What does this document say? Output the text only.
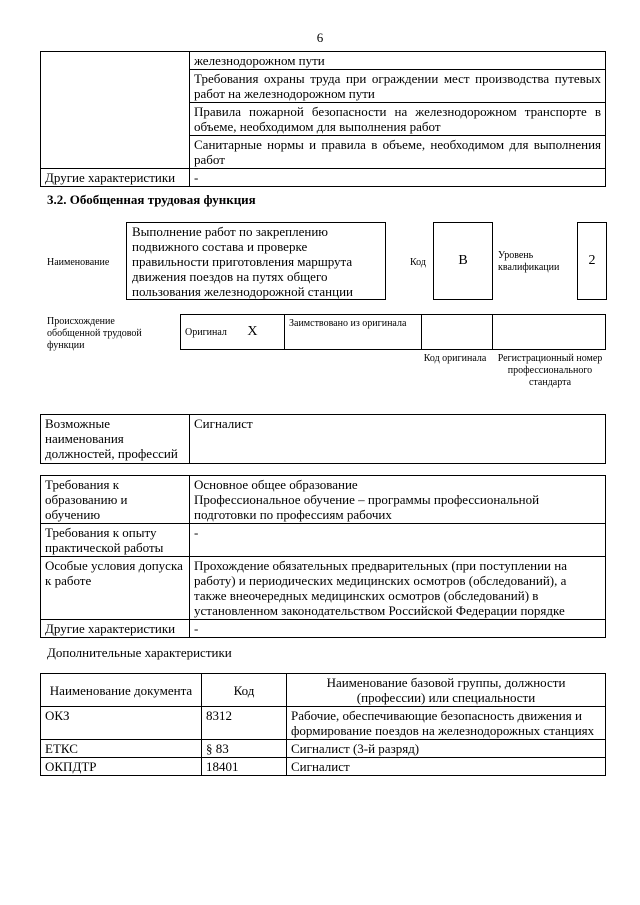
6
	железнодорожном пути
	Требования охраны труда при ограждении мест производства путевых работ на железнодорожном пути
	Правила пожарной безопасности на железнодорожном транспорте в объеме, необходимом для выполнения работ
	Санитарные нормы и правила в объеме, необходимом для выполнения работ
Другие характеристики	-
3.2. Обобщенная трудовая функция
Наименование
Выполнение работ по закреплению подвижного состава и проверке правильности приготовления маршрута движения поездов на путях общего пользования железнодорожной станции
Код	В	Уровень квалификации	2
Происхождение обобщенной трудовой функции
Оригинал X	Заимствовано из оригинала		
Код оригинала	Регистрационный номер профессионального стандарта
Возможные наименования должностей, профессий	Сигналист
Требования к образованию и обучению	Основное общее образование
Профессиональное обучение – программы профессиональной подготовки по профессиям рабочих

Требования к опыту практической работы	-
Особые условия допуска к работе	Прохождение обязательных предварительных (при поступлении на работу) и периодических медицинских осмотров (обследований), а также внеочередных медицинских осмотров (обследований) в установленном законодательством Российской Федерации порядке
Другие характеристики	-
Дополнительные характеристики
Наименование документа	Код	Наименование базовой группы, должности (профессии) или специальности
ОКЗ	8312	Рабочие, обеспечивающие безопасность движения и формирование поездов на железнодорожных станциях
ЕТКС	§ 83	Сигналист (3-й разряд)
ОКПДТР	18401	Сигналист
